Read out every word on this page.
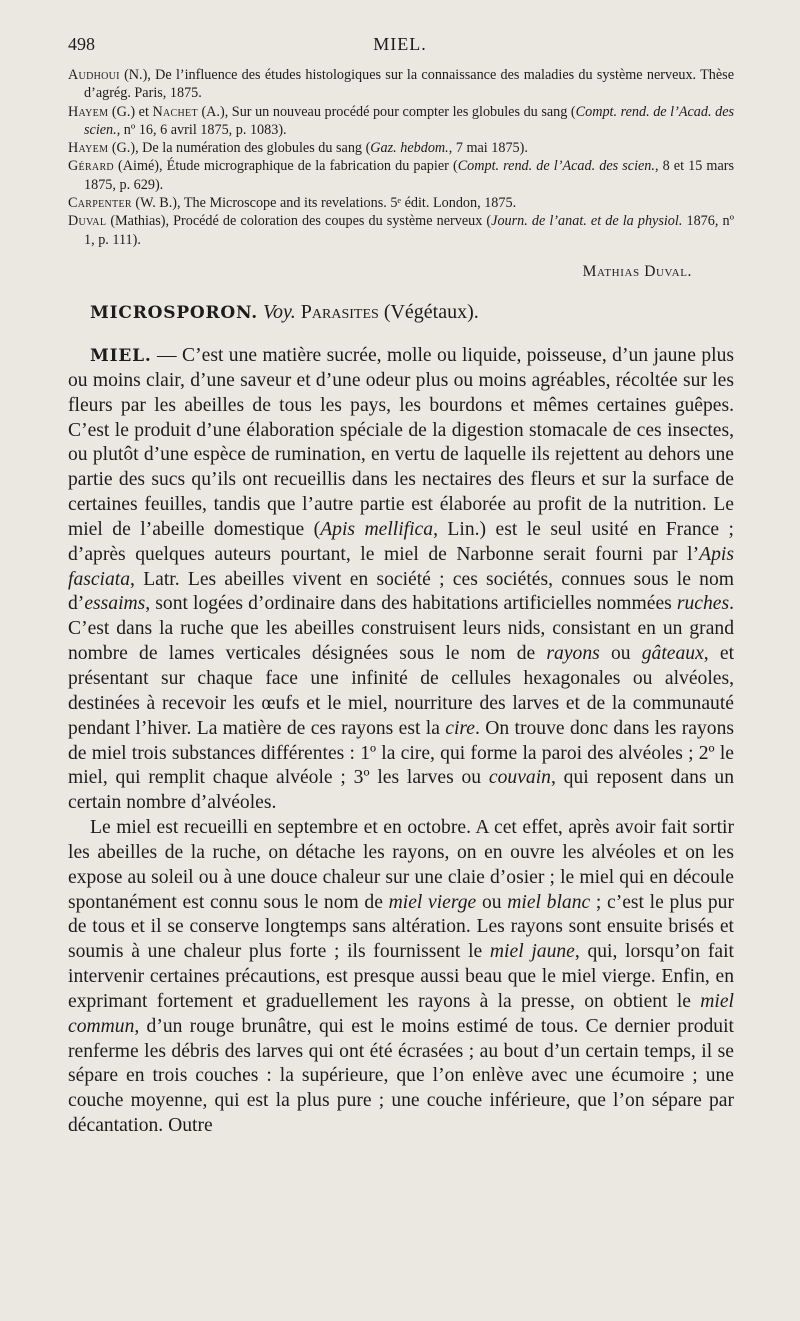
498	MIEL.
Audhoui (N.), De l’influence des études histologiques sur la connaissance des maladies du système nerveux. Thèse d’agrég. Paris, 1875.
Hayem (G.) et Nachet (A.), Sur un nouveau procédé pour compter les globules du sang (Compt. rend. de l’Acad. des scien., nº 16, 6 avril 1875, p. 1083).
Hayem (G.), De la numération des globules du sang (Gaz. hebdom., 7 mai 1875).
Gérard (Aimé), Étude micrographique de la fabrication du papier (Compt. rend. de l’Acad. des scien., 8 et 15 mars 1875, p. 629).
Carpenter (W. B.), The Microscope and its revelations. 5ᵉ édit. London, 1875.
Duval (Mathias), Procédé de coloration des coupes du système nerveux (Journ. de l’anat. et de la physiol. 1876, nº 1, p. 111).
Mathias Duval.
MICROSPORON. Voy. Parasites (Végétaux).

MIEL. — C’est une matière sucrée, molle ou liquide, poisseuse, d’un jaune plus ou moins clair, d’une saveur et d’une odeur plus ou moins agréables, récoltée sur les fleurs par les abeilles de tous les pays, les bourdons et mêmes certaines guêpes. C’est le produit d’une élaboration spéciale de la digestion stomacale de ces insectes, ou plutôt d’une espèce de rumination, en vertu de laquelle ils rejettent au dehors une partie des sucs qu’ils ont recueillis dans les nectaires des fleurs et sur la surface de certaines feuilles, tandis que l’autre partie est élaborée au profit de la nutrition. Le miel de l’abeille domestique (Apis mellifica, Lin.) est le seul usité en France ; d’après quelques auteurs pourtant, le miel de Narbonne serait fourni par l’Apis fasciata, Latr. Les abeilles vivent en société ; ces sociétés, connues sous le nom d’essaims, sont logées d’ordinaire dans des habitations artificielles nommées ruches. C’est dans la ruche que les abeilles construisent leurs nids, consistant en un grand nombre de lames verticales désignées sous le nom de rayons ou gâteaux, et présentant sur chaque face une infinité de cellules hexagonales ou alvéoles, destinées à recevoir les œufs et le miel, nourriture des larves et de la communauté pendant l’hiver. La matière de ces rayons est la cire. On trouve donc dans les rayons de miel trois substances différentes : 1º la cire, qui forme la paroi des alvéoles ; 2º le miel, qui remplit chaque alvéole ; 3º les larves ou couvain, qui reposent dans un certain nombre d’alvéoles.

Le miel est recueilli en septembre et en octobre. A cet effet, après avoir fait sortir les abeilles de la ruche, on détache les rayons, on en ouvre les alvéoles et on les expose au soleil ou à une douce chaleur sur une claie d’osier ; le miel qui en découle spontanément est connu sous le nom de miel vierge ou miel blanc ; c’est le plus pur de tous et il se conserve longtemps sans altération. Les rayons sont ensuite brisés et soumis à une chaleur plus forte ; ils fournissent le miel jaune, qui, lorsqu’on fait intervenir certaines précautions, est presque aussi beau que le miel vierge. Enfin, en exprimant fortement et graduellement les rayons à la presse, on obtient le miel commun, d’un rouge brunâtre, qui est le moins estimé de tous. Ce dernier produit renferme les débris des larves qui ont été écrasées ; au bout d’un certain temps, il se sépare en trois couches : la supérieure, que l’on enlève avec une écumoire ; une couche moyenne, qui est la plus pure ; une couche inférieure, que l’on sépare par décantation. Outre
